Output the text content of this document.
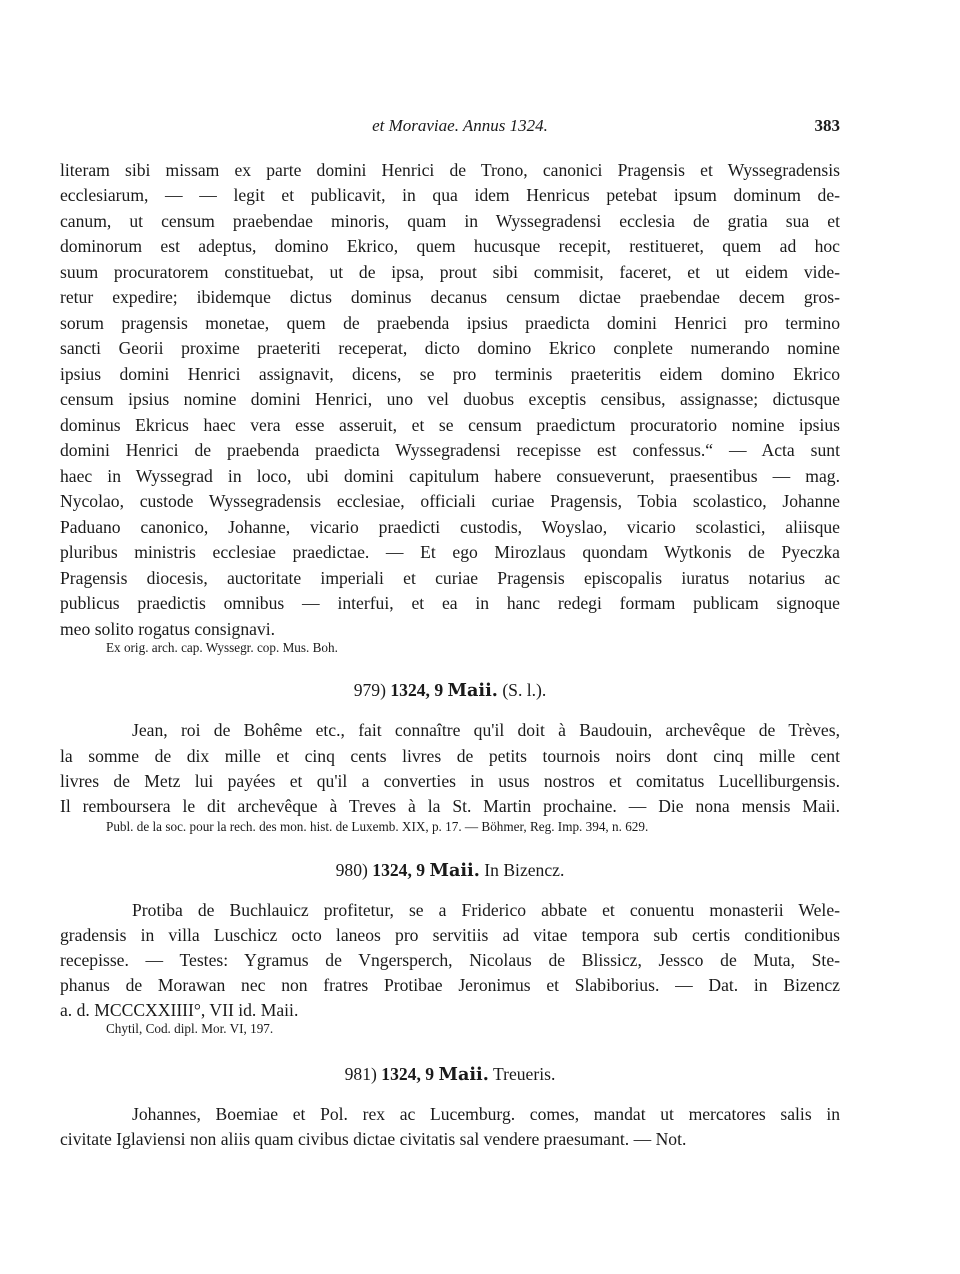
et Moraviae. Annus 1324.	383
literam sibi missam ex parte domini Henrici de Trono, canonici Pragensis et Wyssegradensis
ecclesiarum, — — legit et publicavit, in qua idem Henricus petebat ipsum dominum de-
canum, ut censum praebendae minoris, quam in Wyssegradensi ecclesia de gratia sua et
dominorum est adeptus, domino Ekrico, quem hucusque recepit, restitueret, quem ad hoc
suum procuratorem constituebat, ut de ipsa, prout sibi commisit, faceret, et ut eidem vide-
retur expedire; ibidemque dictus dominus decanus censum dictae praebendae decem gros-
sorum pragensis monetae, quem de praebenda ipsius praedicta domini Henrici pro termino
sancti Georii proxime praeteriti receperat, dicto domino Ekrico conplete numerando nomine
ipsius domini Henrici assignavit, dicens, se pro terminis praeteritis eidem domino Ekrico
censum ipsius nomine domini Henrici, uno vel duobus exceptis censibus, assignasse; dictusque
dominus Ekricus haec vera esse asseruit, et se censum praedictum procuratorio nomine ipsius
domini Henrici de praebenda praedicta Wyssegradensi recepisse est confessus.“ — Acta sunt
haec in Wyssegrad in loco, ubi domini capitulum habere consueverunt, praesentibus — mag.
Nycolao, custode Wyssegradensis ecclesiae, officiali curiae Pragensis, Tobia scolastico, Johanne
Paduano canonico, Johanne, vicario praedicti custodis, Woyslao, vicario scolastici, aliisque
pluribus ministris ecclesiae praedictae. — Et ego Mirozlaus quondam Wytkonis de Pyeczka
Pragensis diocesis, auctoritate imperiali et curiae Pragensis episcopalis iuratus notarius ac
publicus praedictis omnibus — interfui, et ea in hanc redegi formam publicam signoque
meo solito rogatus consignavi.
Ex orig. arch. cap. Wyssegr. cop. Mus. Boh.
979) 1324, 9 Maii. (S. l.).
Jean, roi de Bohême etc., fait connaître qu'il doit à Baudouin, archevêque de Trèves,
la somme de dix mille et cinq cents livres de petits tournois noirs dont cinq mille cent
livres de Metz lui payées et qu'il a converties in usus nostros et comitatus Lucelliburgensis.
Il remboursera le dit archevêque à Treves à la St. Martin prochaine. — Die nona mensis Maii.
Publ. de la soc. pour la rech. des mon. hist. de Luxemb. XIX, p. 17. — Böhmer, Reg. Imp. 394, n. 629.
980) 1324, 9 Maii. In Bizencz.
Protiba de Buchlauicz profitetur, se a Friderico abbate et conuentu monasterii Wele-
gradensis in villa Luschicz octo laneos pro servitiis ad vitae tempora sub certis conditionibus
recepisse. — Testes: Ygramus de Vngersperch, Nicolaus de Blissicz, Jessco de Muta, Ste-
phanus de Morawan nec non fratres Protibae Jeronimus et Slabiborius. — Dat. in Bizencz
a. d. MCCCXXIIII°, VII id. Maii.
Chytil, Cod. dipl. Mor. VI, 197.
981) 1324, 9 Maii. Treueris.
Johannes, Boemiae et Pol. rex ac Lucemburg. comes, mandat ut mercatores salis in
civitate Iglaviensi non aliis quam civibus dictae civitatis sal vendere praesumant. — Not.
